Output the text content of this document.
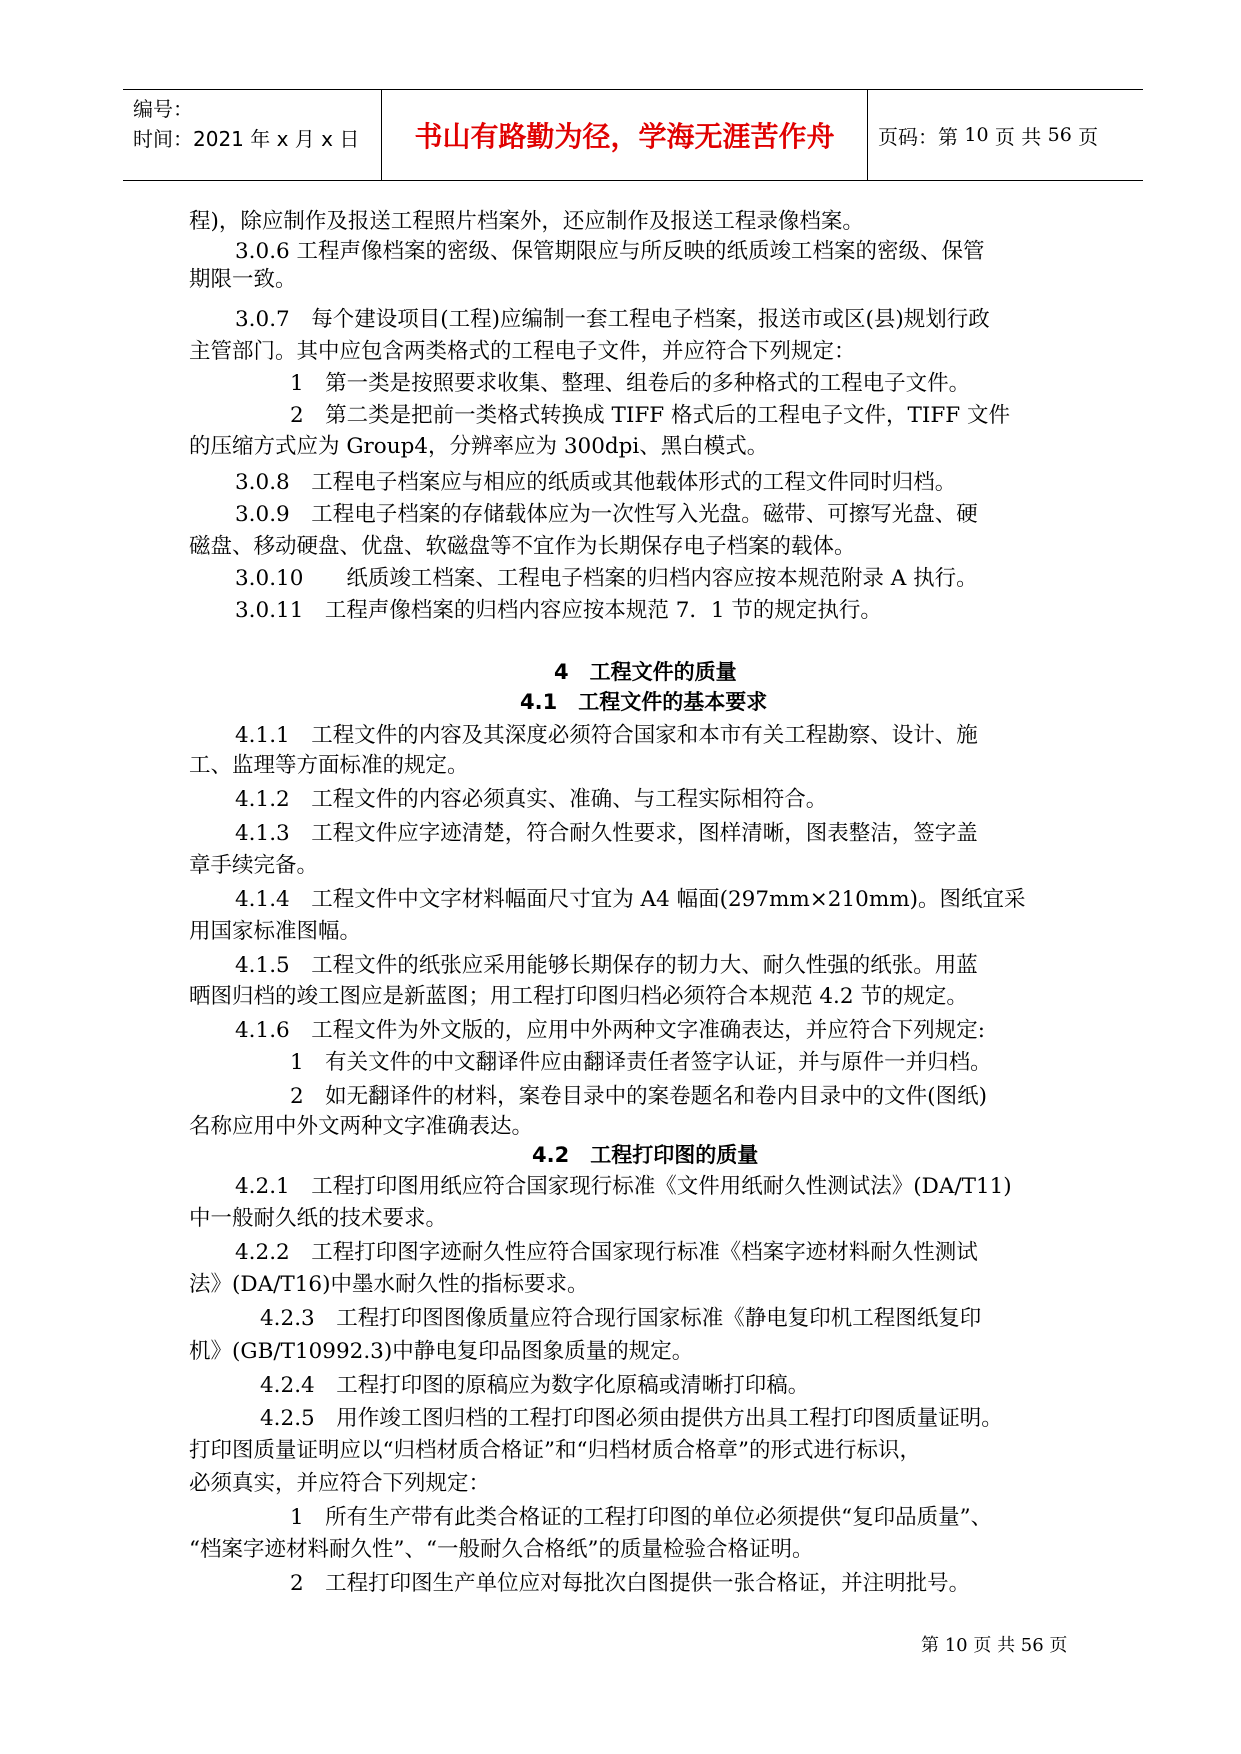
编号：
时间：2021 年 x 月 x 日	书山有路勤为径，学海无涯苦作舟	页码：第
10
页 共
56
页
程)，除应制作及报送工程照片档案外，还应制作及报送工程录像档案。
3.0.6 工程声像档案的密级、保管期限应与所反映的纸质竣工档案的密级、保管
期限一致。
3.0.7　每个建设项目(工程)应编制一套工程电子档案，报送市或区(县)规划行政
主管部门。其中应包含两类格式的工程电子文件，并应符合下列规定：
1　第一类是按照要求收集、整理、组卷后的多种格式的工程电子文件。
2　第二类是把前一类格式转换成 TIFF 格式后的工程电子文件，TIFF 文件
的压缩方式应为 Group4，分辨率应为 300dpi、黑白模式。
3.0.8　工程电子档案应与相应的纸质或其他载体形式的工程文件同时归档。
3.0.9　工程电子档案的存储载体应为一次性写入光盘。磁带、可擦写光盘、硬
磁盘、移动硬盘、优盘、软磁盘等不宜作为长期保存电子档案的载体。
3.0.10　　纸质竣工档案、工程电子档案的归档内容应按本规范附录 A 执行。
3.0.11　工程声像档案的归档内容应按本规范 7．1 节的规定执行。
4　工程文件的质量
4.1　工程文件的基本要求
4.1.1　工程文件的内容及其深度必须符合国家和本市有关工程勘察、设计、施
工、监理等方面标准的规定。
4.1.2　工程文件的内容必须真实、准确、与工程实际相符合。
4.1.3　工程文件应字迹清楚，符合耐久性要求，图样清晰，图表整洁，签字盖
章手续完备。
4.1.4　工程文件中文字材料幅面尺寸宜为 A4 幅面(297mm×210mm)。图纸宜采
用国家标准图幅。
4.1.5　工程文件的纸张应采用能够长期保存的韧力大、耐久性强的纸张。用蓝
晒图归档的竣工图应是新蓝图；用工程打印图归档必须符合本规范 4.2 节的规定。
4.1.6　工程文件为外文版的，应用中外两种文字准确表达，并应符合下列规定:
1　有关文件的中文翻译件应由翻译责任者签字认证，并与原件一并归档。
2　如无翻译件的材料，案卷目录中的案卷题名和卷内目录中的文件(图纸)
名称应用中外文两种文字准确表达。
4.2　工程打印图的质量
4.2.1　工程打印图用纸应符合国家现行标准《文件用纸耐久性测试法》(DA/T11)
中一般耐久纸的技术要求。
4.2.2　工程打印图字迹耐久性应符合国家现行标准《档案字迹材料耐久性测试
法》(DA/T16)中墨水耐久性的指标要求。
4.2.3　工程打印图图像质量应符合现行国家标准《静电复印机工程图纸复印
机》(GB/T10992.3)中静电复印品图象质量的规定。
4.2.4　工程打印图的原稿应为数字化原稿或清晰打印稿。
4.2.5　用作竣工图归档的工程打印图必须由提供方出具工程打印图质量证明。
打印图质量证明应以“归档材质合格证”和“归档材质合格章”的形式进行标识，
必须真实，并应符合下列规定：
1　所有生产带有此类合格证的工程打印图的单位必须提供“复印品质量”、
“档案字迹材料耐久性”、“一般耐久合格纸”的质量检验合格证明。
2　工程打印图生产单位应对每批次白图提供一张合格证，并注明批号。
第 10 页 共 56 页
